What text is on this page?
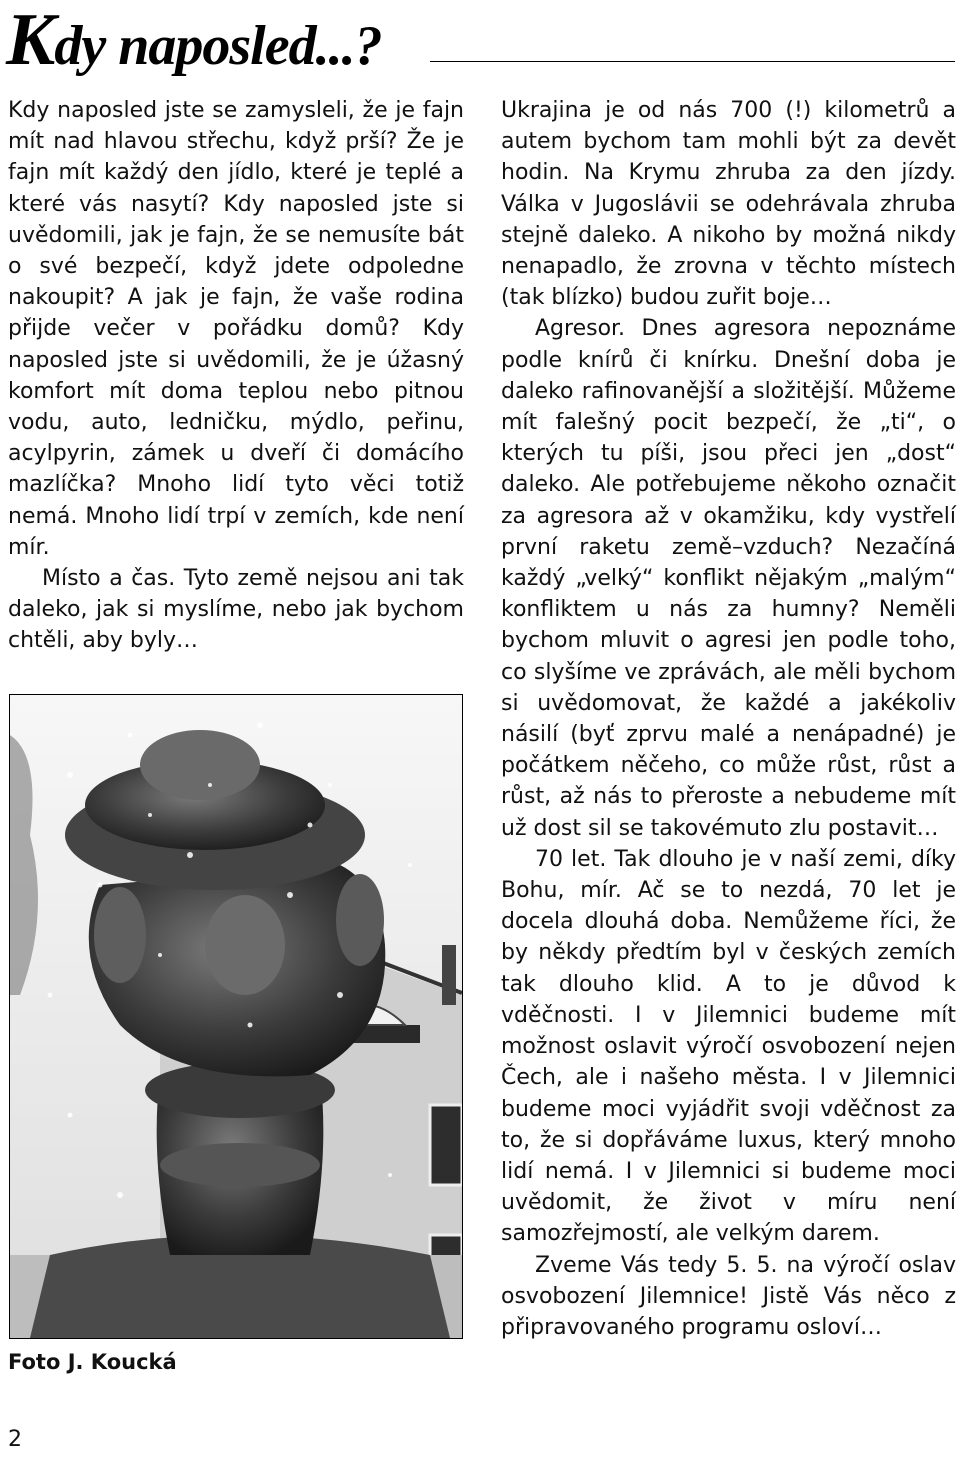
Kdy naposled...?

Kdy naposled jste se zamysleli, že je fajn mít nad hlavou střechu, když prší? Že je fajn mít každý den jídlo, které je teplé a které vás nasytí? Kdy naposled jste si uvědomili, jak je fajn, že se nemusíte bát o své bezpečí, když jdete odpoledne nakoupit? A jak je fajn, že vaše rodina přijde večer v pořádku domů? Kdy naposled jste si uvědomili, že je úžasný komfort mít doma teplou nebo pitnou vodu, auto, ledničku, mýdlo, peřinu, acylpyrin, zámek u dveří či domácího mazlíčka? Mnoho lidí tyto věci totiž nemá. Mnoho lidí trpí v zemích, kde není mír.

Místo a čas. Tyto země nejsou ani tak daleko, jak si myslíme, nebo jak bychom chtěli, aby byly…

Foto J. Koucká

Ukrajina je od nás 700 (!) kilometrů a autem bychom tam mohli být za devět hodin. Na Krymu zhruba za den jízdy. Válka v Jugoslávii se odehrávala zhruba stejně daleko. A nikoho by možná nikdy nenapadlo, že zrovna v těchto místech (tak blízko) budou zuřit boje…

Agresor. Dnes agresora nepoznáme podle knírů či knírku. Dnešní doba je daleko rafinovanější a složitější. Můžeme mít falešný pocit bezpečí, že „ti“, o kterých tu píši, jsou přeci jen „dost“ daleko. Ale potřebujeme někoho označit za agresora až v okamžiku, kdy vystřelí první raketu země–vzduch? Nezačíná každý „velký“ konflikt nějakým „malým“ konfliktem u nás za humny? Neměli bychom mluvit o agresi jen podle toho, co slyšíme ve zprávách, ale měli bychom si uvědomovat, že každé a jakékoliv násilí (byť zprvu malé a nenápadné) je počátkem něčeho, co může růst, růst a růst, až nás to přeroste a nebudeme mít už dost sil se takovémuto zlu postavit…

70 let. Tak dlouho je v naší zemi, díky Bohu, mír. Ač se to nezdá, 70 let je docela dlouhá doba. Nemůžeme říci, že by někdy předtím byl v českých zemích tak dlouho klid. A to je důvod k vděčnosti. I v Jilemnici budeme mít možnost oslavit výročí osvobození nejen Čech, ale i našeho města. I v Jilemnici budeme moci vyjádřit svoji vděčnost za to, že si dopřáváme luxus, který mnoho lidí nemá. I v Jilemnici si budeme moci uvědomit, že život v míru není samozřejmostí, ale velkým darem.

Zveme Vás tedy 5. 5. na výročí oslav osvobození Jilemnice! Jistě Vás něco z připravovaného programu osloví…

2
